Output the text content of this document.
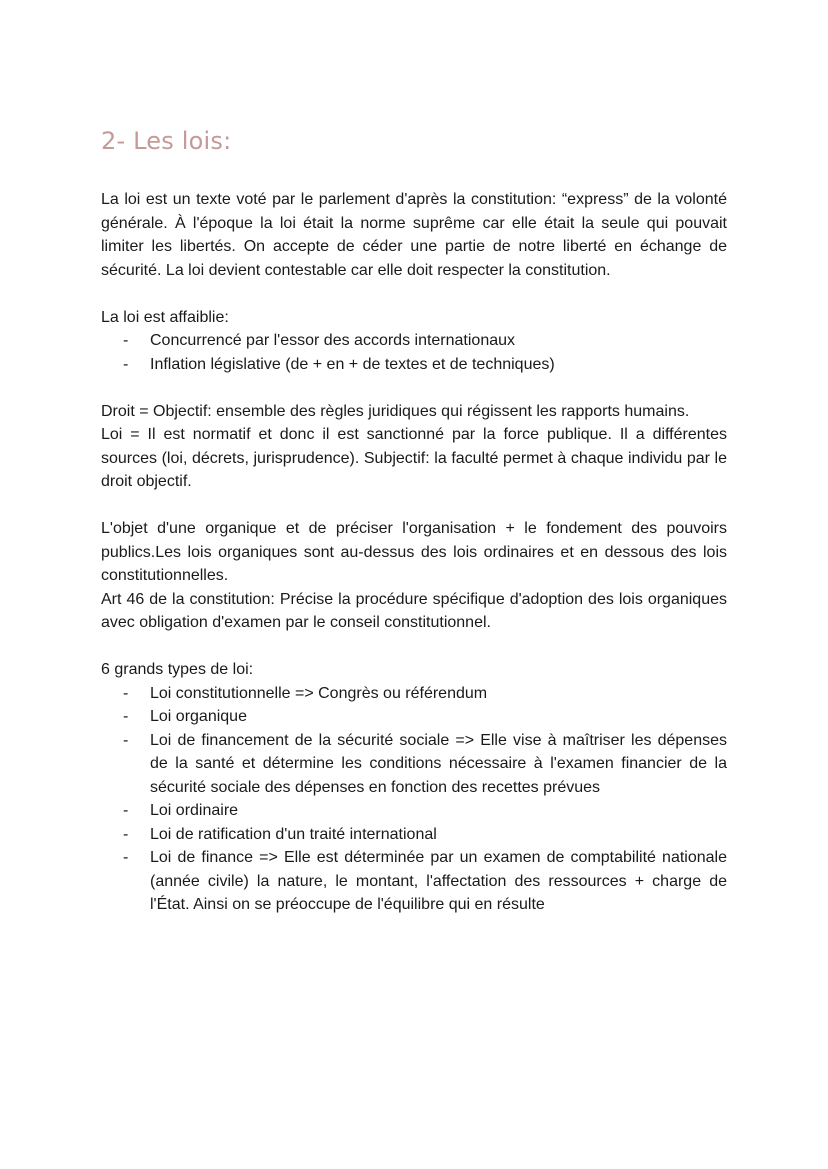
2- Les lois:

La loi est un texte voté par le parlement d'après la constitution: “express” de la volonté générale. À l'époque la loi était la norme suprême car elle était la seule qui pouvait limiter les libertés. On accepte de céder une partie de notre liberté en échange de sécurité. La loi devient contestable car elle doit respecter la constitution.

La loi est affaiblie:

- Concurrencé par l'essor des accords internationaux
- Inflation législative (de + en + de textes et de techniques)

Droit = Objectif: ensemble des règles juridiques qui régissent les rapports humains.

Loi = Il est normatif et donc il est sanctionné par la force publique. Il a différentes sources (loi, décrets, jurisprudence). Subjectif: la faculté permet à chaque individu par le droit objectif.

L'objet d'une organique et de préciser l'organisation + le fondement des pouvoirs publics.Les lois organiques sont au-dessus des lois ordinaires et en dessous des lois constitutionnelles.

Art 46 de la constitution: Précise la procédure spécifique d'adoption des lois organiques avec obligation d'examen par le conseil constitutionnel.

6 grands types de loi:

- Loi constitutionnelle => Congrès ou référendum
- Loi organique
- Loi de financement de la sécurité sociale => Elle vise à maîtriser les dépenses de la santé et détermine les conditions nécessaire à l'examen financier de la sécurité sociale des dépenses en fonction des recettes prévues
- Loi ordinaire
- Loi de ratification d'un traité international
- Loi de finance => Elle est déterminée par un examen de comptabilité nationale (année civile) la nature, le montant, l'affectation des ressources + charge de l'État. Ainsi on se préoccupe de l'équilibre qui en résulte
